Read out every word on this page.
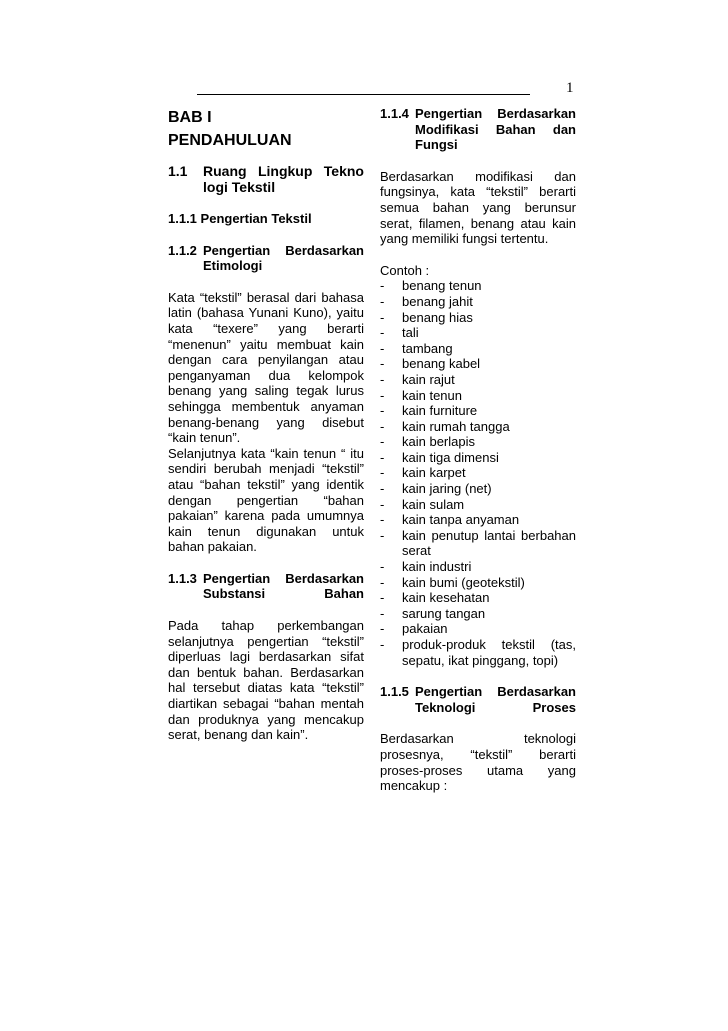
1
BAB I
PENDAHULUAN
1.1	Ruang Lingkup Tekno logi Tekstil
1.1.1
Pengertian Tekstil
1.1.2 Pengertian Berdasarkan
Etimologi

Kata “tekstil” berasal dari bahasa latin (bahasa Yunani Kuno), yaitu kata “texere” yang berarti “menenun” yaitu membuat kain dengan cara penyilangan atau penganyaman dua kelompok benang yang saling tegak lurus sehingga membentuk anyaman benang-benang yang disebut “kain tenun”.

Selanjutnya kata “kain tenun “ itu sendiri berubah menjadi “tekstil” atau “bahan tekstil” yang identik dengan pengertian “bahan pakaian” karena pada umumnya kain tenun digunakan untuk bahan pakaian.

1.1.3 Pengertian Berdasarkan
Substansi Bahan

Pada tahap perkembangan selanjutnya pengertian “tekstil” diperluas lagi berdasarkan sifat dan bentuk bahan. Berdasarkan hal tersebut diatas kata “tekstil” diartikan sebagai “bahan mentah dan produknya yang mencakup serat, benang dan kain”.

1.1.4 Pengertian Berdasarkan
Modifikasi Bahan dan
Fungsi

Berdasarkan modifikasi dan fungsinya, kata “tekstil” berarti semua bahan yang berunsur serat, filamen, benang atau kain yang memiliki fungsi tertentu.

Contoh :
-	benang tenun
-	benang jahit
-	benang hias
-	tali
-	tambang
-	benang kabel
-	kain rajut
-	kain tenun
-	kain furniture
-	kain rumah tangga
-	kain berlapis
-	kain tiga dimensi
-	kain karpet
-	kain jaring (net)
-	kain sulam
-	kain tanpa anyaman
-	kain penutup lantai berbahan serat
-	kain industri
-	kain bumi (geotekstil)
-	kain kesehatan
-	sarung tangan
-	pakaian
-	produk-produk tekstil (tas, sepatu, ikat pinggang, topi)
1.1.5 Pengertian Berdasarkan
Teknologi Proses

Berdasarkan teknologi prosesnya, “tekstil” berarti proses-proses utama yang mencakup :
